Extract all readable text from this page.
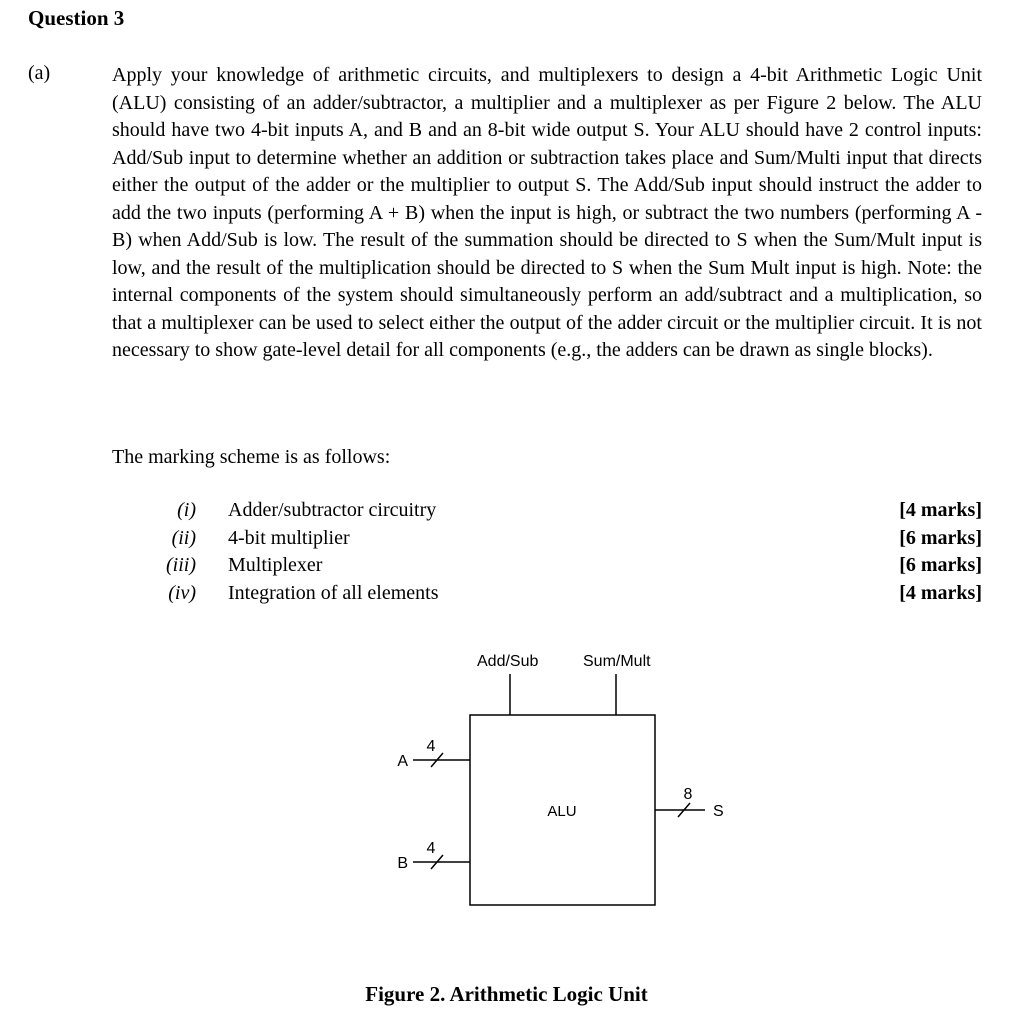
Question 3
(a)	Apply your knowledge of arithmetic circuits, and multiplexers to design a 4-bit Arithmetic Logic Unit (ALU) consisting of an adder/subtractor, a multiplier and a multiplexer as per Figure 2 below. The ALU should have two 4-bit inputs A, and B and an 8-bit wide output S. Your ALU should have 2 control inputs: Add/Sub input to determine whether an addition or subtraction takes place and Sum/Multi input that directs either the output of the adder or the multiplier to output S. The Add/Sub input should instruct the adder to add the two inputs (performing A + B) when the input is high, or subtract the two numbers (performing A - B) when Add/Sub is low. The result of the summation should be directed to S when the Sum/Mult input is low, and the result of the multiplication should be directed to S when the Sum Mult input is high. Note: the internal components of the system should simultaneously perform an add/subtract and a multiplication, so that a multiplexer can be used to select either the output of the adder circuit or the multiplier circuit. It is not necessary to show gate-level detail for all components (e.g., the adders can be drawn as single blocks).

The marking scheme is as follows:

(i) Adder/subtractor circuitry	[4 marks]
(ii) 4-bit multiplier	[6 marks]
(iii) Multiplexer	[6 marks]
(iv) Integration of all elements	[4 marks]
Add/Sub	Sum/Mult
ALU
A
4
B
4
8
S

Figure 2. Arithmetic Logic Unit
